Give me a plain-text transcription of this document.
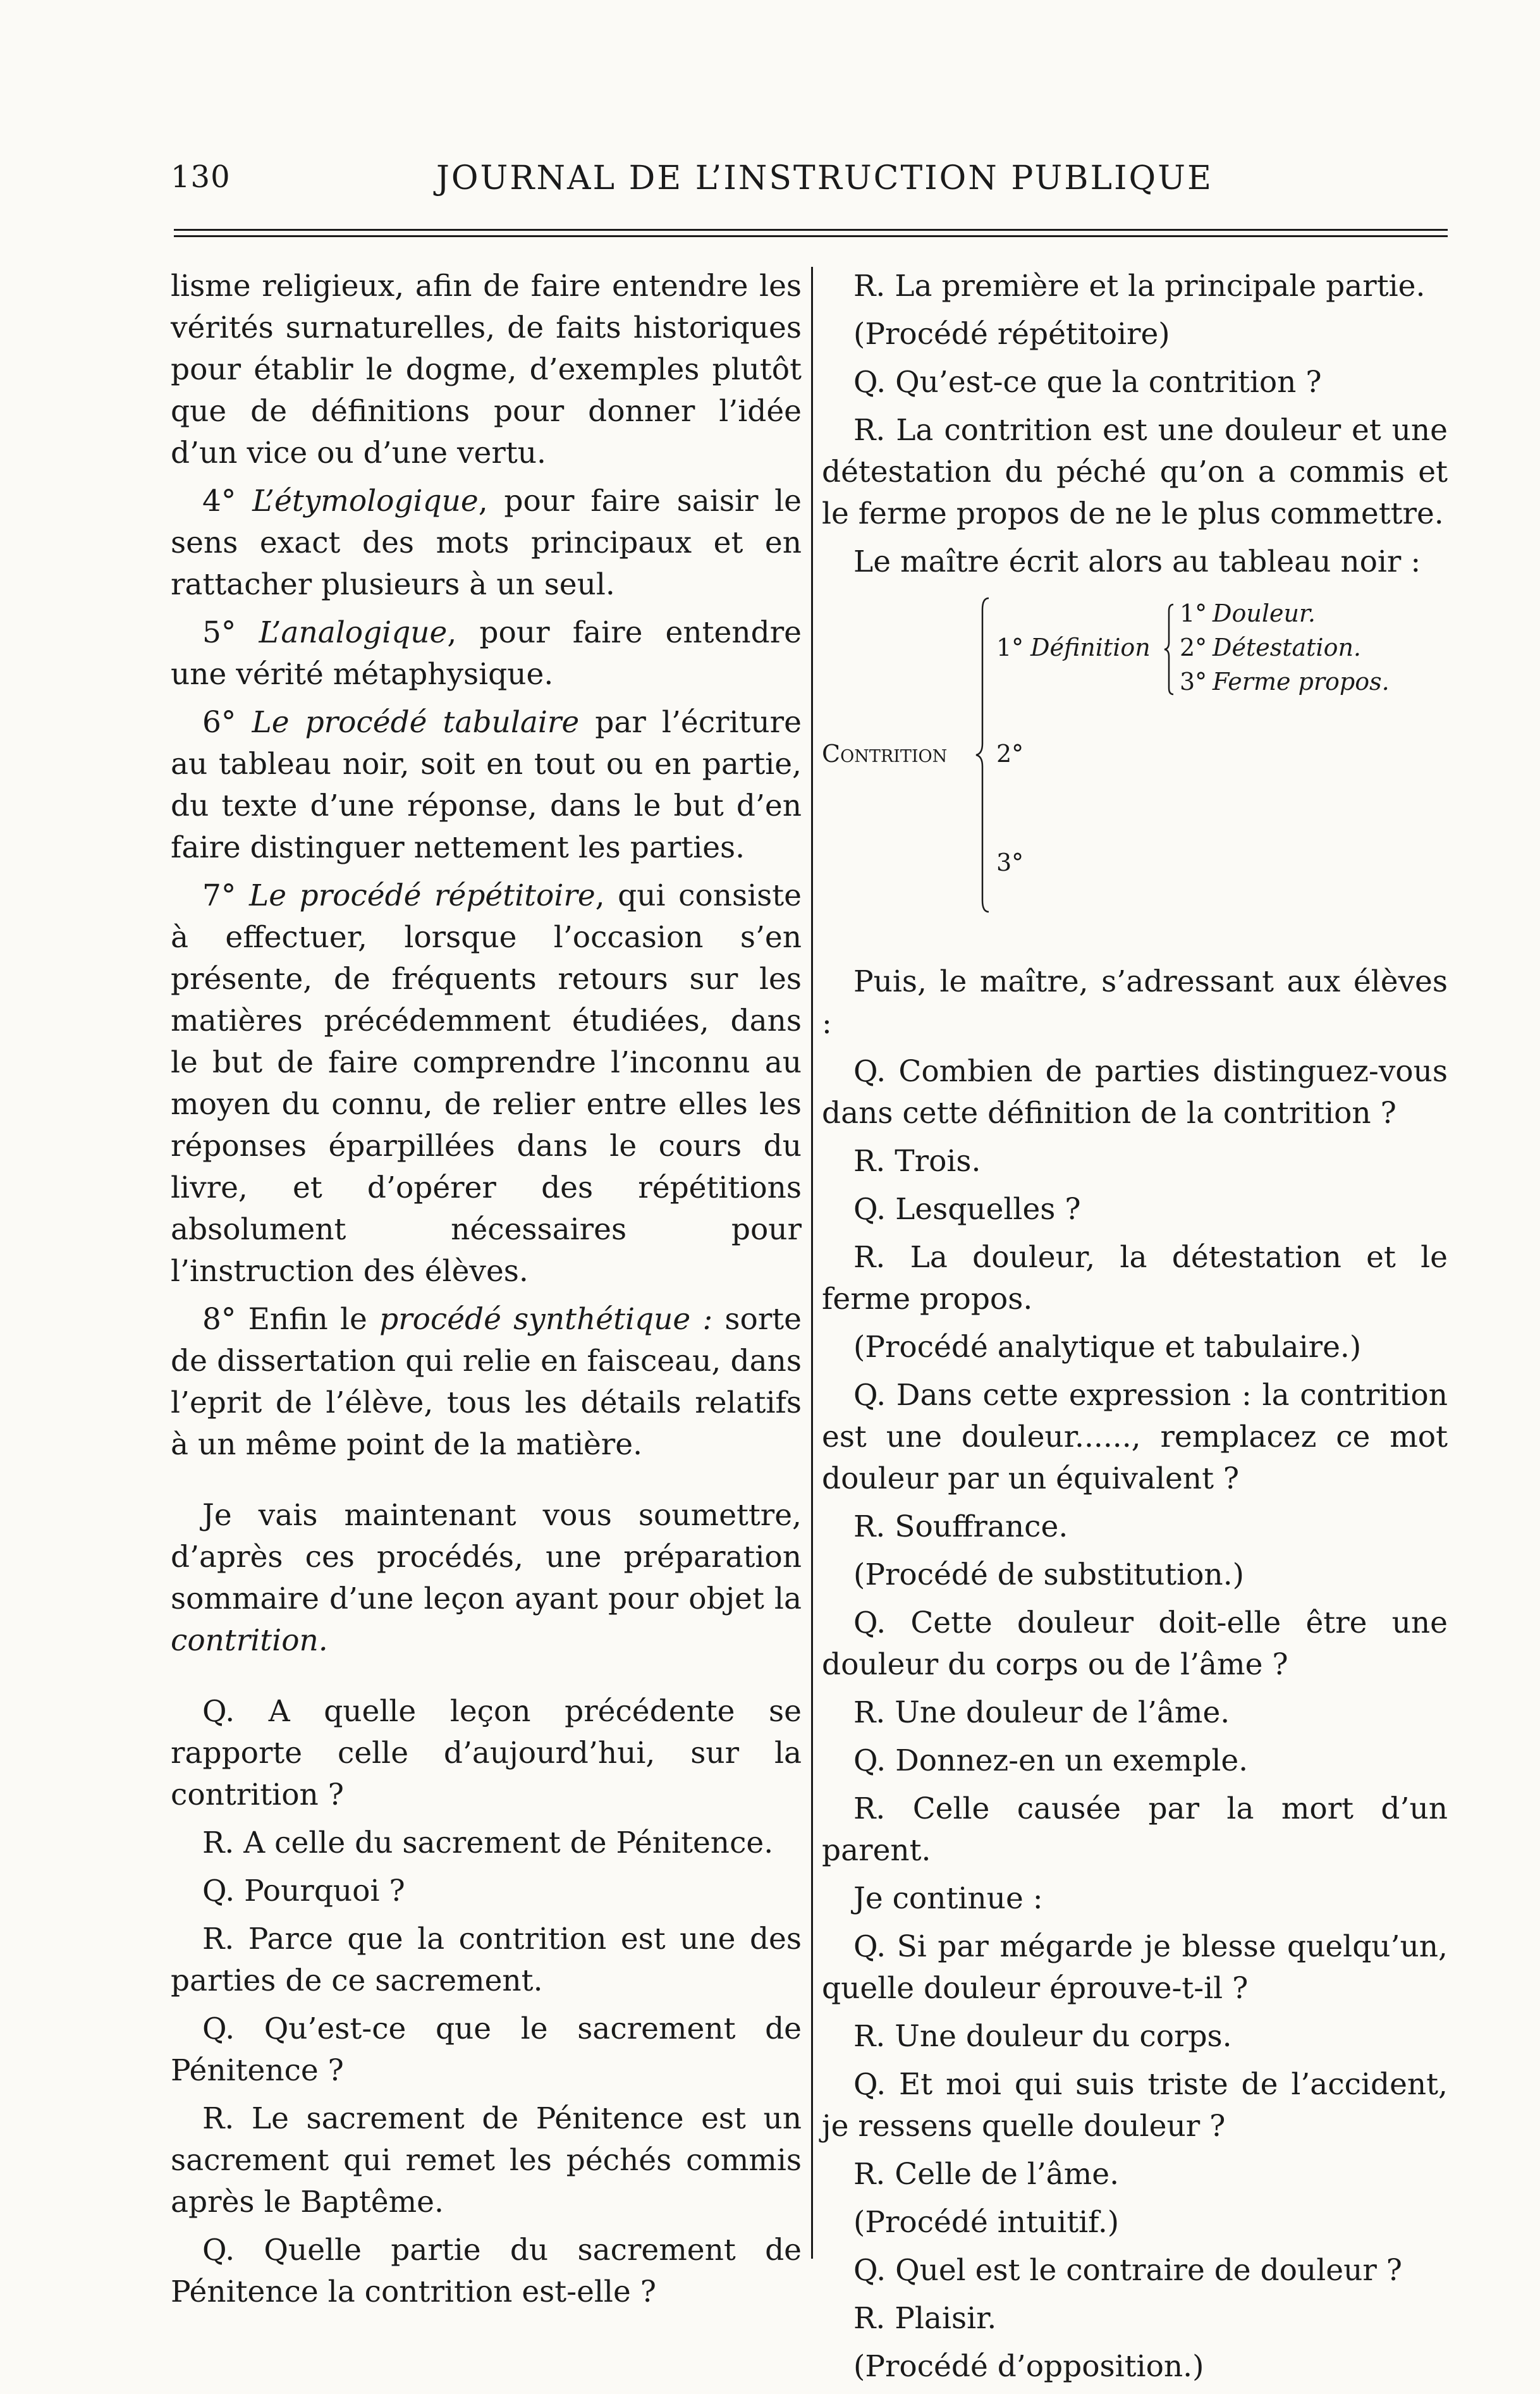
130	JOURNAL DE L’INSTRUCTION PUBLIQUE

lisme religieux, afin de faire entendre les vérités surnaturelles, de faits historiques pour établir le dogme, d’exemples plutôt que de définitions pour donner l’idée d’un vice ou d’une vertu.

4° L’étymologique, pour faire saisir le sens exact des mots principaux et en rattacher plusieurs à un seul.

5° L’analogique, pour faire entendre une vérité métaphysique.

6° Le procédé tabulaire par l’écriture au tableau noir, soit en tout ou en partie, du texte d’une réponse, dans le but d’en faire distinguer nettement les parties.

7° Le procédé répétitoire, qui consiste à effectuer, lorsque l’occasion s’en présente, de fréquents retours sur les matières précédemment étudiées, dans le but de faire comprendre l’inconnu au moyen du connu, de relier entre elles les réponses éparpillées dans le cours du livre, et d’opérer des répétitions absolument nécessaires pour l’instruction des élèves.

8° Enfin le procédé synthétique : sorte de dissertation qui relie en faisceau, dans l’eprit de l’élève, tous les détails relatifs à un même point de la matière.

Je vais maintenant vous soumettre, d’après ces procédés, une préparation sommaire d’une leçon ayant pour objet la contrition.

Q. A quelle leçon précédente se rapporte celle d’aujourd’hui, sur la contrition ?

R. A celle du sacrement de Pénitence.

Q. Pourquoi ?

R. Parce que la contrition est une des parties de ce sacrement.

Q. Qu’est-ce que le sacrement de Pénitence ?

R. Le sacrement de Pénitence est un sacrement qui remet les péchés commis après le Baptême.

Q. Quelle partie du sacrement de Pénitence la contrition est-elle ?

R. La première et la principale partie.

(Procédé répétitoire)

Q. Qu’est-ce que la contrition ?

R. La contrition est une douleur et une détestation du péché qu’on a commis et le ferme propos de ne le plus commettre.

Le maître écrit alors au tableau noir :

Contrition
1° Définition
2°
3°
1° Douleur.
2° Détestation.
3° Ferme propos.

Puis, le maître, s’adressant aux élèves :

Q. Combien de parties distinguez-vous dans cette définition de la contrition ?

R. Trois.

Q. Lesquelles ?

R. La douleur, la détestation et le ferme propos.

(Procédé analytique et tabulaire.)

Q. Dans cette expression : la contrition est une douleur......, remplacez ce mot douleur par un équivalent ?

R. Souffrance.

(Procédé de substitution.)

Q. Cette douleur doit-elle être une douleur du corps ou de l’âme ?

R. Une douleur de l’âme.

Q. Donnez-en un exemple.

R. Celle causée par la mort d’un parent.

Je continue :

Q. Si par mégarde je blesse quelqu’un, quelle douleur éprouve-t-il ?

R. Une douleur du corps.

Q. Et moi qui suis triste de l’accident, je ressens quelle douleur ?

R. Celle de l’âme.

(Procédé intuitif.)

Q. Quel est le contraire de douleur ?

R. Plaisir.

(Procédé d’opposition.)
